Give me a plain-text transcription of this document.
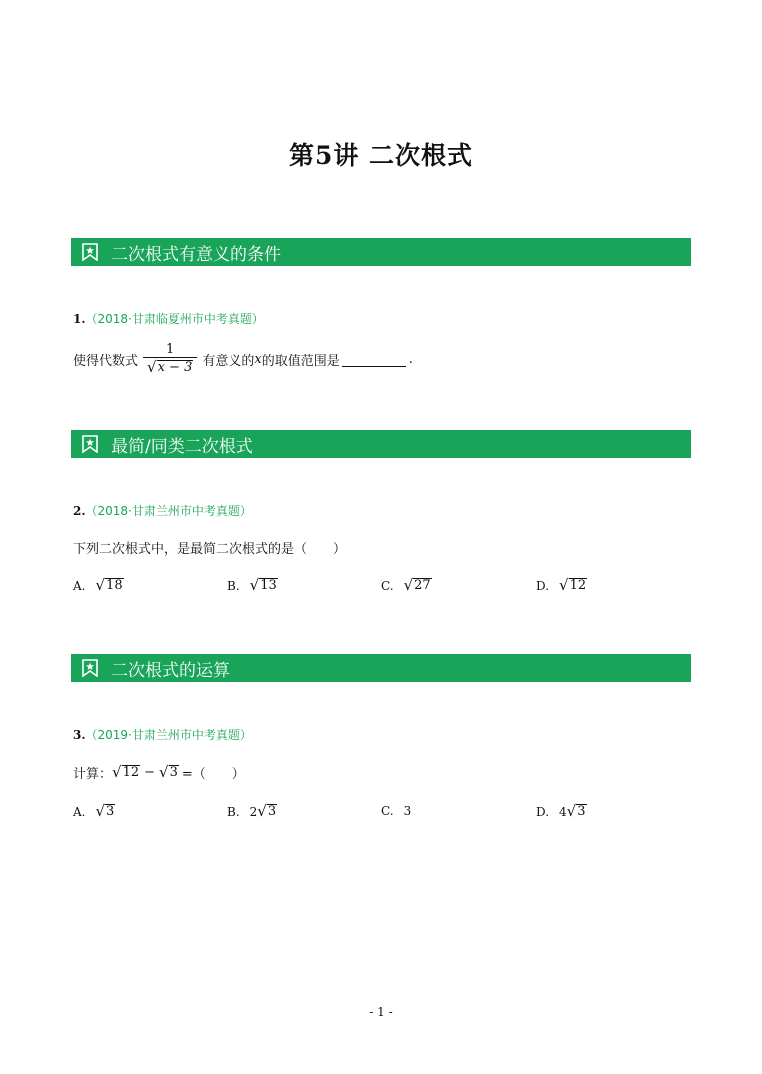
第5讲 二次根式
二次根式有意义的条件
1.（2018·甘肃临夏州市中考真题）
使得代数式 $\frac{1}{√ x - 3}$ 有意义的 x 的取值范围是	.
最简/同类二次根式
2.（2018·甘肃兰州市中考真题）
下列二次根式中，是最简二次根式的是（　　）
A. √ 18	B. √ 13	C. √ 27	D. √ 12
二次根式的运算
3.（2019·甘肃兰州市中考真题）
计算： √ 12 − √ 3 =（　　）
A. √ 3	B. 2 √ 3	C. 3	D. 4 √ 3
- 1 -
